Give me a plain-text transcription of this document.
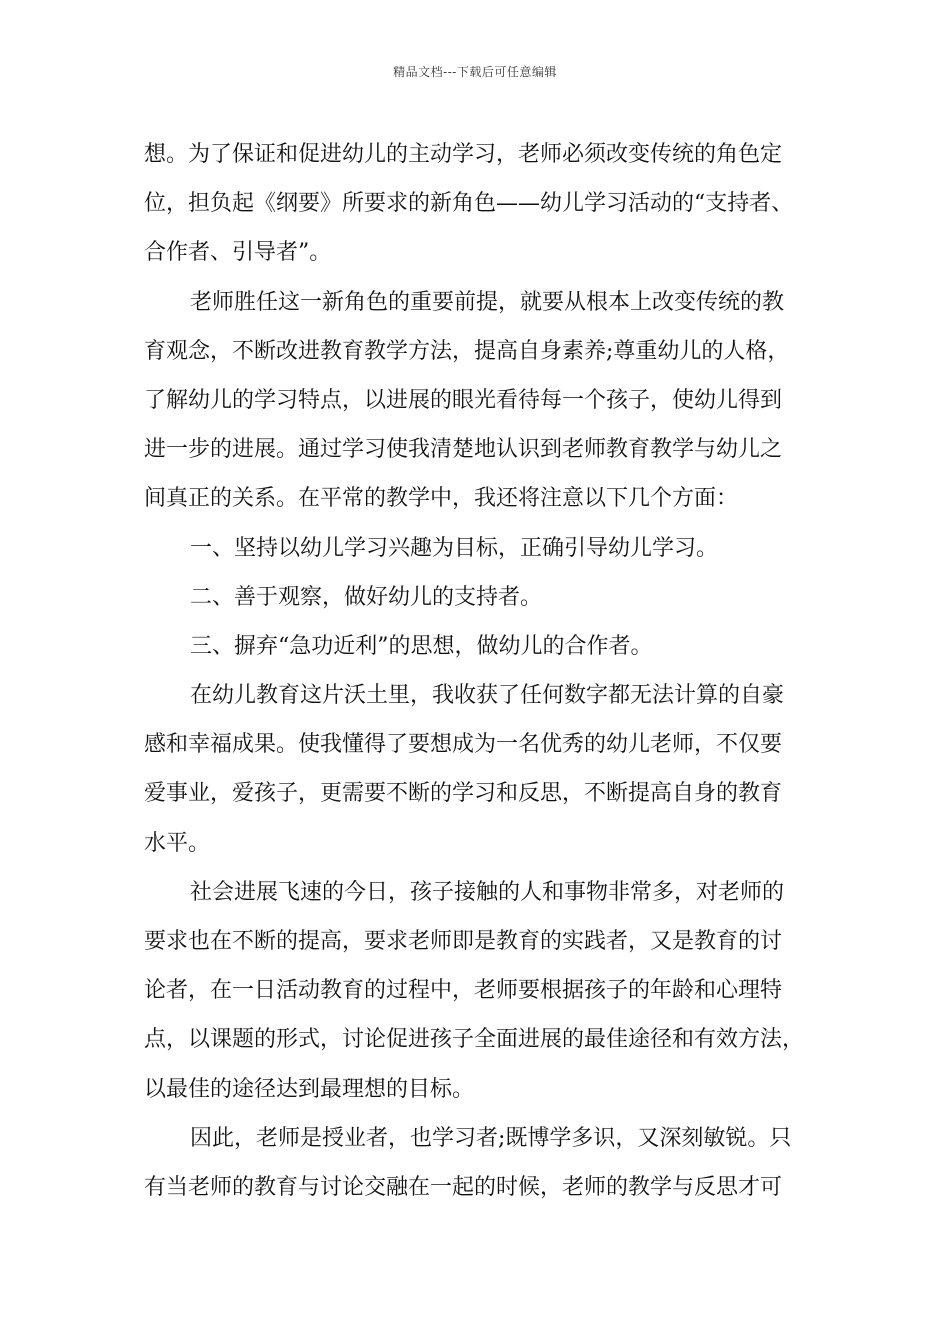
精品文档---下载后可任意编辑
想。为了保证和促进幼儿的主动学习，老师必须改变传统的角色定
位，担负起《纲要》所要求的新角色——幼儿学习活动的“支持者、
合作者、引导者”。
老师胜任这一新角色的重要前提，就要从根本上改变传统的教
育观念，不断改进教育教学方法，提高自身素养;尊重幼儿的人格，
了解幼儿的学习特点，以进展的眼光看待每一个孩子，使幼儿得到
进一步的进展。通过学习使我清楚地认识到老师教育教学与幼儿之
间真正的关系。在平常的教学中，我还将注意以下几个方面：
一、坚持以幼儿学习兴趣为目标，正确引导幼儿学习。
二、善于观察，做好幼儿的支持者。
三、摒弃“急功近利”的思想，做幼儿的合作者。
在幼儿教育这片沃土里，我收获了任何数字都无法计算的自豪
感和幸福成果。使我懂得了要想成为一名优秀的幼儿老师，不仅要
爱事业，爱孩子，更需要不断的学习和反思，不断提高自身的教育
水平。
社会进展飞速的今日，孩子接触的人和事物非常多，对老师的
要求也在不断的提高，要求老师即是教育的实践者，又是教育的讨
论者，在一日活动教育的过程中，老师要根据孩子的年龄和心理特
点，以课题的形式，讨论促进孩子全面进展的最佳途径和有效方法，
以最佳的途径达到最理想的目标。
因此，老师是授业者，也学习者;既博学多识，又深刻敏锐。只
有当老师的教育与讨论交融在一起的时候，老师的教学与反思才可
